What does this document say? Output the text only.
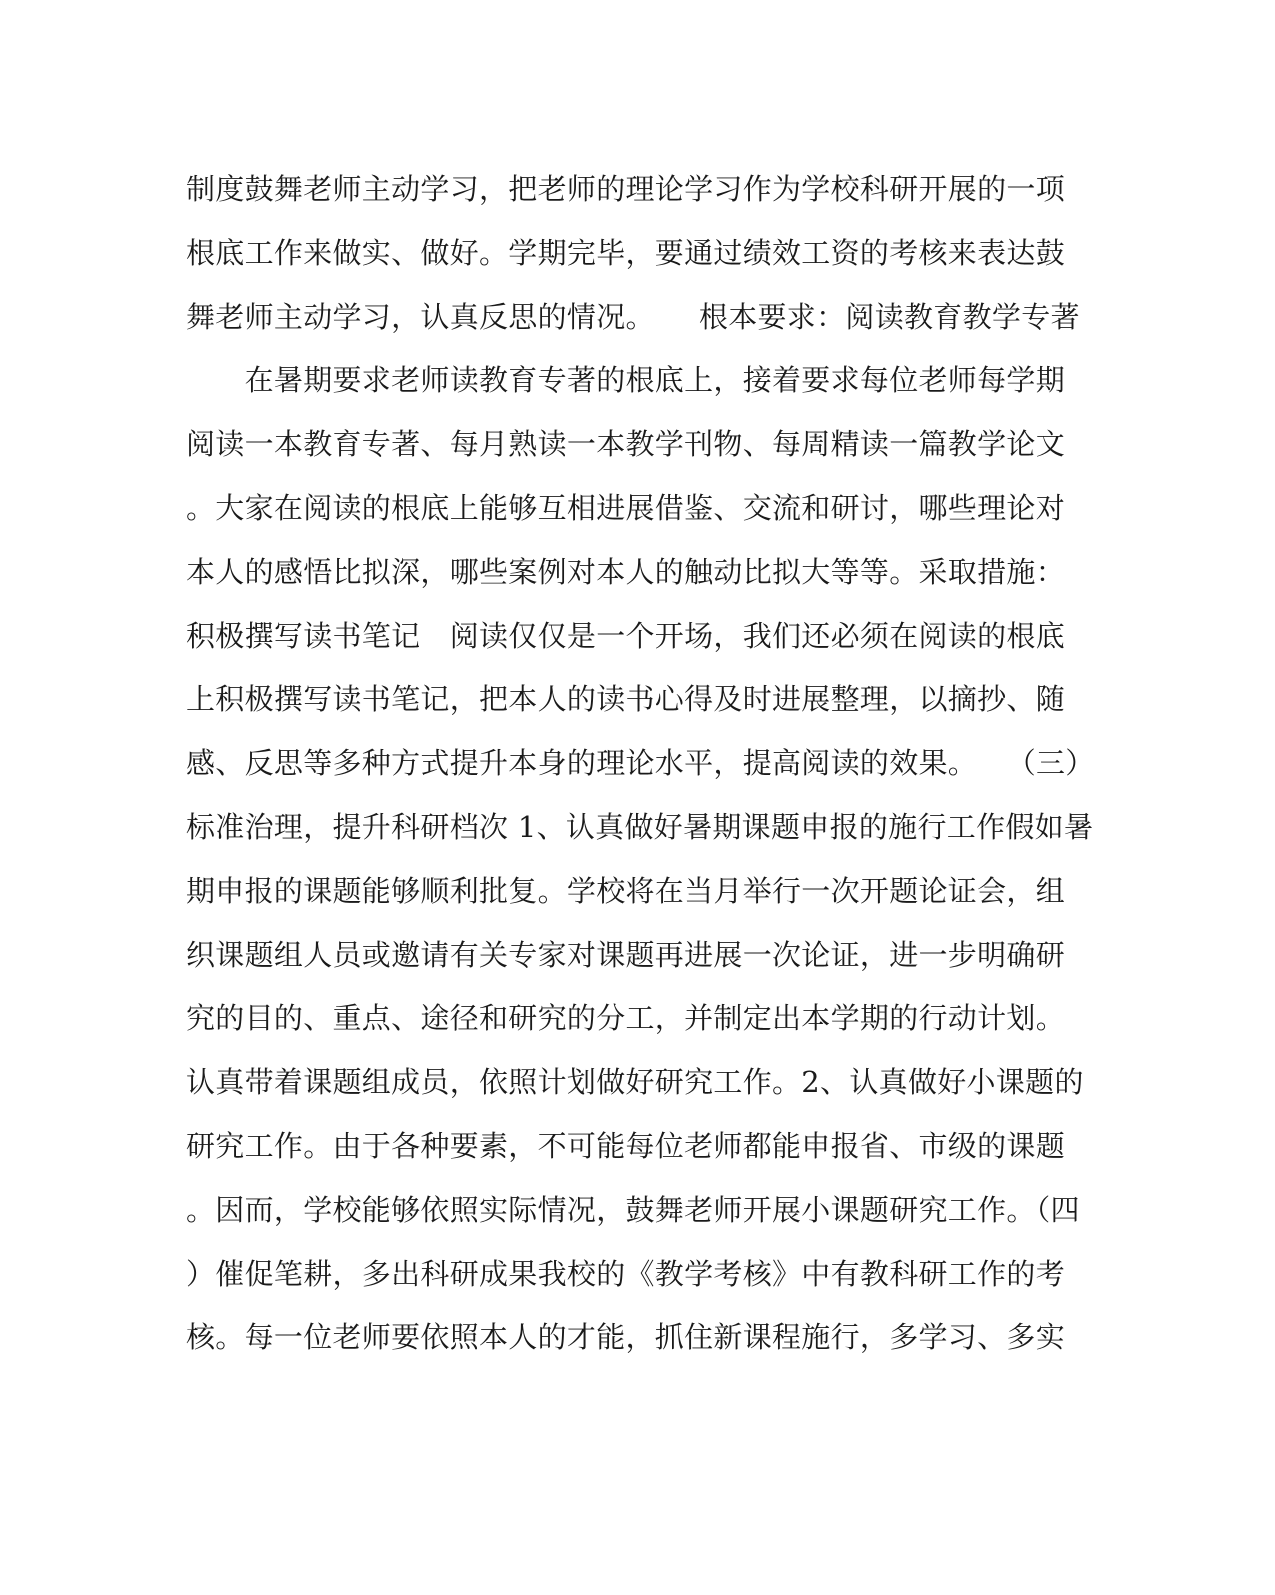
制度鼓舞老师主动学习，把老师的理论学习作为学校科研开展的一项
根底工作来做实、做好。学期完毕，要通过绩效工资的考核来表达鼓
舞老师主动学习，认真反思的情况。　　根本要求：阅读教育教学专著
　　在暑期要求老师读教育专著的根底上，接着要求每位老师每学期
阅读一本教育专著、每月熟读一本教学刊物、每周精读一篇教学论文
。大家在阅读的根底上能够互相进展借鉴、交流和研讨，哪些理论对
本人的感悟比拟深，哪些案例对本人的触动比拟大等等。采取措施：
积极撰写读书笔记　阅读仅仅是一个开场，我们还必须在阅读的根底
上积极撰写读书笔记，把本人的读书心得及时进展整理，以摘抄、随
感、反思等多种方式提升本身的理论水平，提高阅读的效果。　　（三）
标准治理，提升科研档次 1、认真做好暑期课题申报的施行工作假如暑
期申报的课题能够顺利批复。学校将在当月举行一次开题论证会，组
织课题组人员或邀请有关专家对课题再进展一次论证，进一步明确研
究的目的、重点、途径和研究的分工，并制定出本学期的行动计划。
认真带着课题组成员，依照计划做好研究工作。2、认真做好小课题的
研究工作。由于各种要素，不可能每位老师都能申报省、市级的课题
。因而，学校能够依照实际情况，鼓舞老师开展小课题研究工作。（四
）催促笔耕，多出科研成果我校的《教学考核》中有教科研工作的考
核。每一位老师要依照本人的才能，抓住新课程施行，多学习、多实
